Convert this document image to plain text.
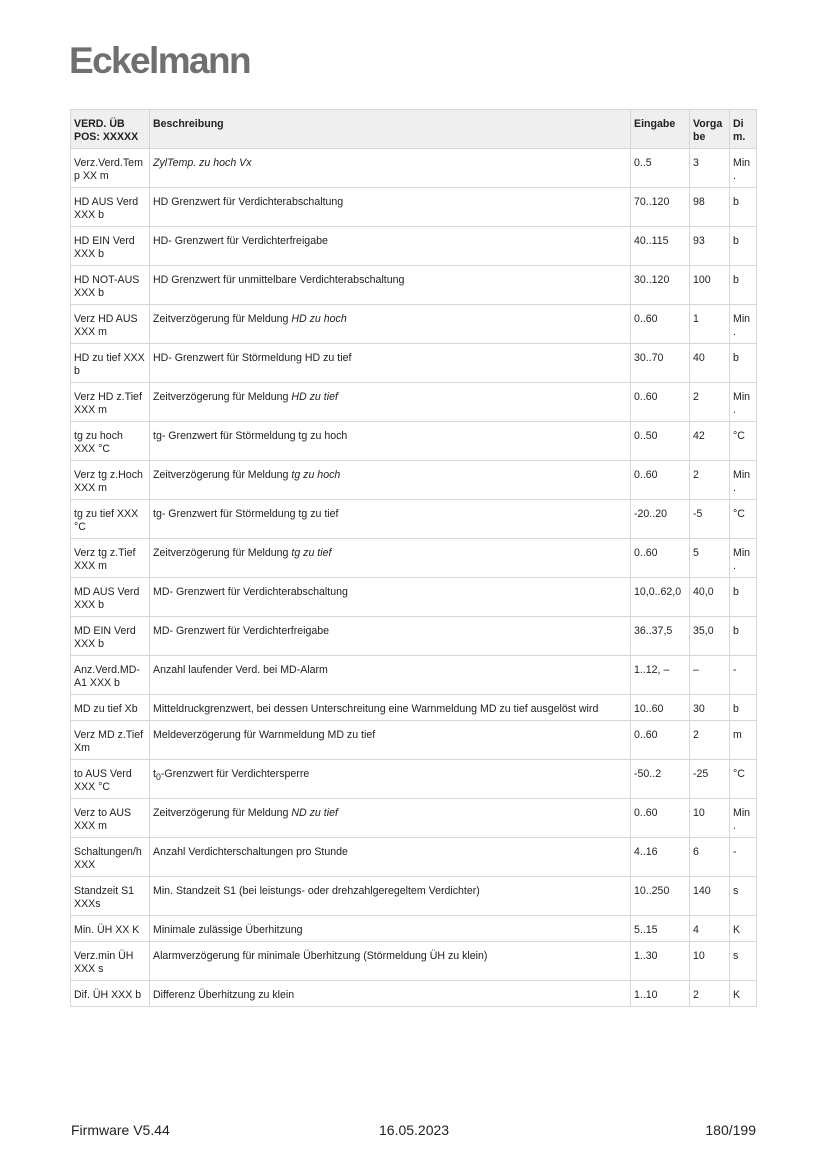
Eckelmann
VERD. ÜB POS: XXXXX	Beschreibung	Eingabe	Vorgabe	Dim.
Verz.Verd.Temp XX m	ZylTemp. zu hoch Vx	0..5	3	Min.
HD AUS Verd XXX b	HD Grenzwert für Verdichterabschaltung	70..120	98	b
HD EIN Verd XXX b	HD- Grenzwert für Verdichterfreigabe	40..115	93	b
HD NOT-AUS XXX b	HD Grenzwert für unmittelbare Verdichterabschaltung	30..120	100	b
Verz HD AUS XXX m	Zeitverzögerung für Meldung HD zu hoch	0..60	1	Min.
HD zu tief XXX b	HD- Grenzwert für Störmeldung HD zu tief	30..70	40	b
Verz HD z.Tief XXX m	Zeitverzögerung für Meldung HD zu tief	0..60	2	Min.
tg zu hoch XXX °C	tg- Grenzwert für Störmeldung tg zu hoch	0..50	42	°C
Verz tg z.Hoch XXX m	Zeitverzögerung für Meldung tg zu hoch	0..60	2	Min.
tg zu tief XXX °C	tg- Grenzwert für Störmeldung tg zu tief	-20..20	-5	°C
Verz tg z.Tief XXX m	Zeitverzögerung für Meldung tg zu tief	0..60	5	Min.
MD AUS Verd XXX b	MD- Grenzwert für Verdichterabschaltung	10,0..62,0	40,0	b
MD EIN Verd XXX b	MD- Grenzwert für Verdichterfreigabe	36..37,5	35,0	b
Anz.Verd.MD-A1 XXX b	Anzahl laufender Verd. bei MD-Alarm	1..12, –	–	-
MD zu tief Xb	Mitteldruckgrenzwert, bei dessen Unterschreitung eine Warnmeldung MD zu tief ausgelöst wird	10..60	30	b
Verz MD z.Tief Xm	Meldeverzögerung für Warnmeldung MD zu tief	0..60	2	m
to AUS Verd XXX °C	$t_0$-Grenzwert für Verdichtersperre	-50..2	-25	°C
Verz to AUS XXX m	Zeitverzögerung für Meldung ND zu tief	0..60	10	Min.
Schaltungen/h XXX	Anzahl Verdichterschaltungen pro Stunde	4..16	6	-
Standzeit S1 XXXs	Min. Standzeit S1 (bei leistungs- oder drehzahlgeregeltem Verdichter)	10..250	140	s
Min. ÜH XX K	Minimale zulässige Überhitzung	5..15	4	K
Verz.min ÜH XXX s	Alarmverzögerung für minimale Überhitzung (Störmeldung ÜH zu klein)	1..30	10	s
Dif. ÜH XXX b	Differenz Überhitzung zu klein	1..10	2	K
Firmware V5.44	16.05.2023	180/199
